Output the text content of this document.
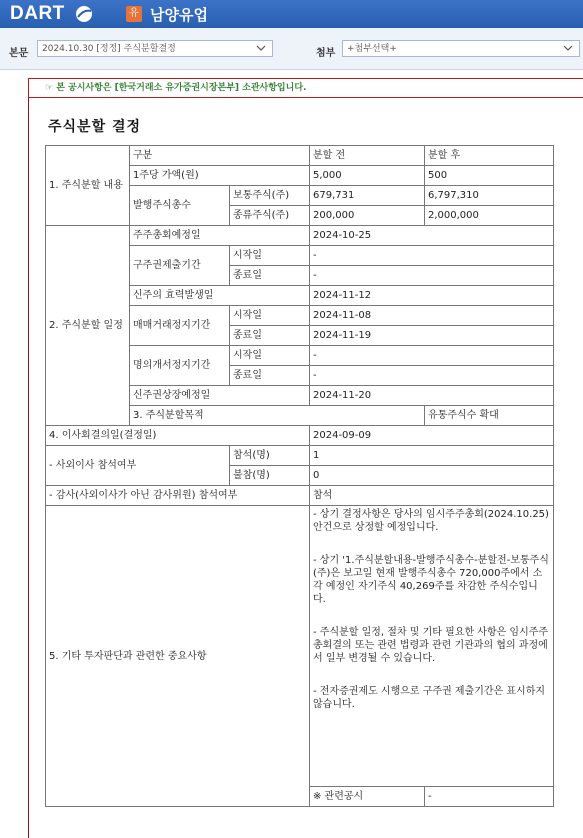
DART	유 남양유업
본문	2024.10.30 [정정] 주식분할결정	첨부	+첨부선택+
☞ 본 공시사항은 [한국거래소 유가증권시장본부] 소관사항입니다.
주식분할 결정
1. 주식분할 내용	구분		분할 전	분할 후
	1주당 가액(원)		5,000	500
	발행주식총수	보통주식(주)	679,731	6,797,310
		종류주식(주)	200,000	2,000,000
2. 주식분할 일정	주주총회예정일		2024-10-25	
	구주권제출기간	시작일	-	
		종료일	-	
	신주의 효력발생일		2024-11-12	
	매매거래정지기간	시작일	2024-11-08	
		종료일	2024-11-19	
	명의개서정지기간	시작일	-	
		종료일	-	
	신주권상장예정일		2024-11-20	
	3. 주식분할목적			유통주식수 확대
4. 이사회결의일(결정일)			2024-09-09	
- 사외이사 참석여부		참석(명)	1	
		불참(명)	0	
- 감사(사외이사가 아닌 감사위원) 참석여부			참석	
5. 기타 투자판단과 관련한 중요사항			- 상기 결정사항은 당사의 임시주주총회(2024.10.25)안건으로 상정할 예정입니다.

- 상기 '1.주식분할내용-발행주식총수-분할전-보통주식(주)은 보고일 현재 발행주식총수 720,000주에서 소각 예정인 자기주식 40,269주를 차감한 주식수입니다.

- 주식분할 일정, 절차 및 기타 필요한 사항은 임시주주총회결의 또는 관련 법령과 관련 기관과의 협의 과정에서 일부 변경될 수 있습니다.

- 전자증권제도 시행으로 구주권 제출기간은 표시하지 않습니다.	

			※ 관련공시	-
